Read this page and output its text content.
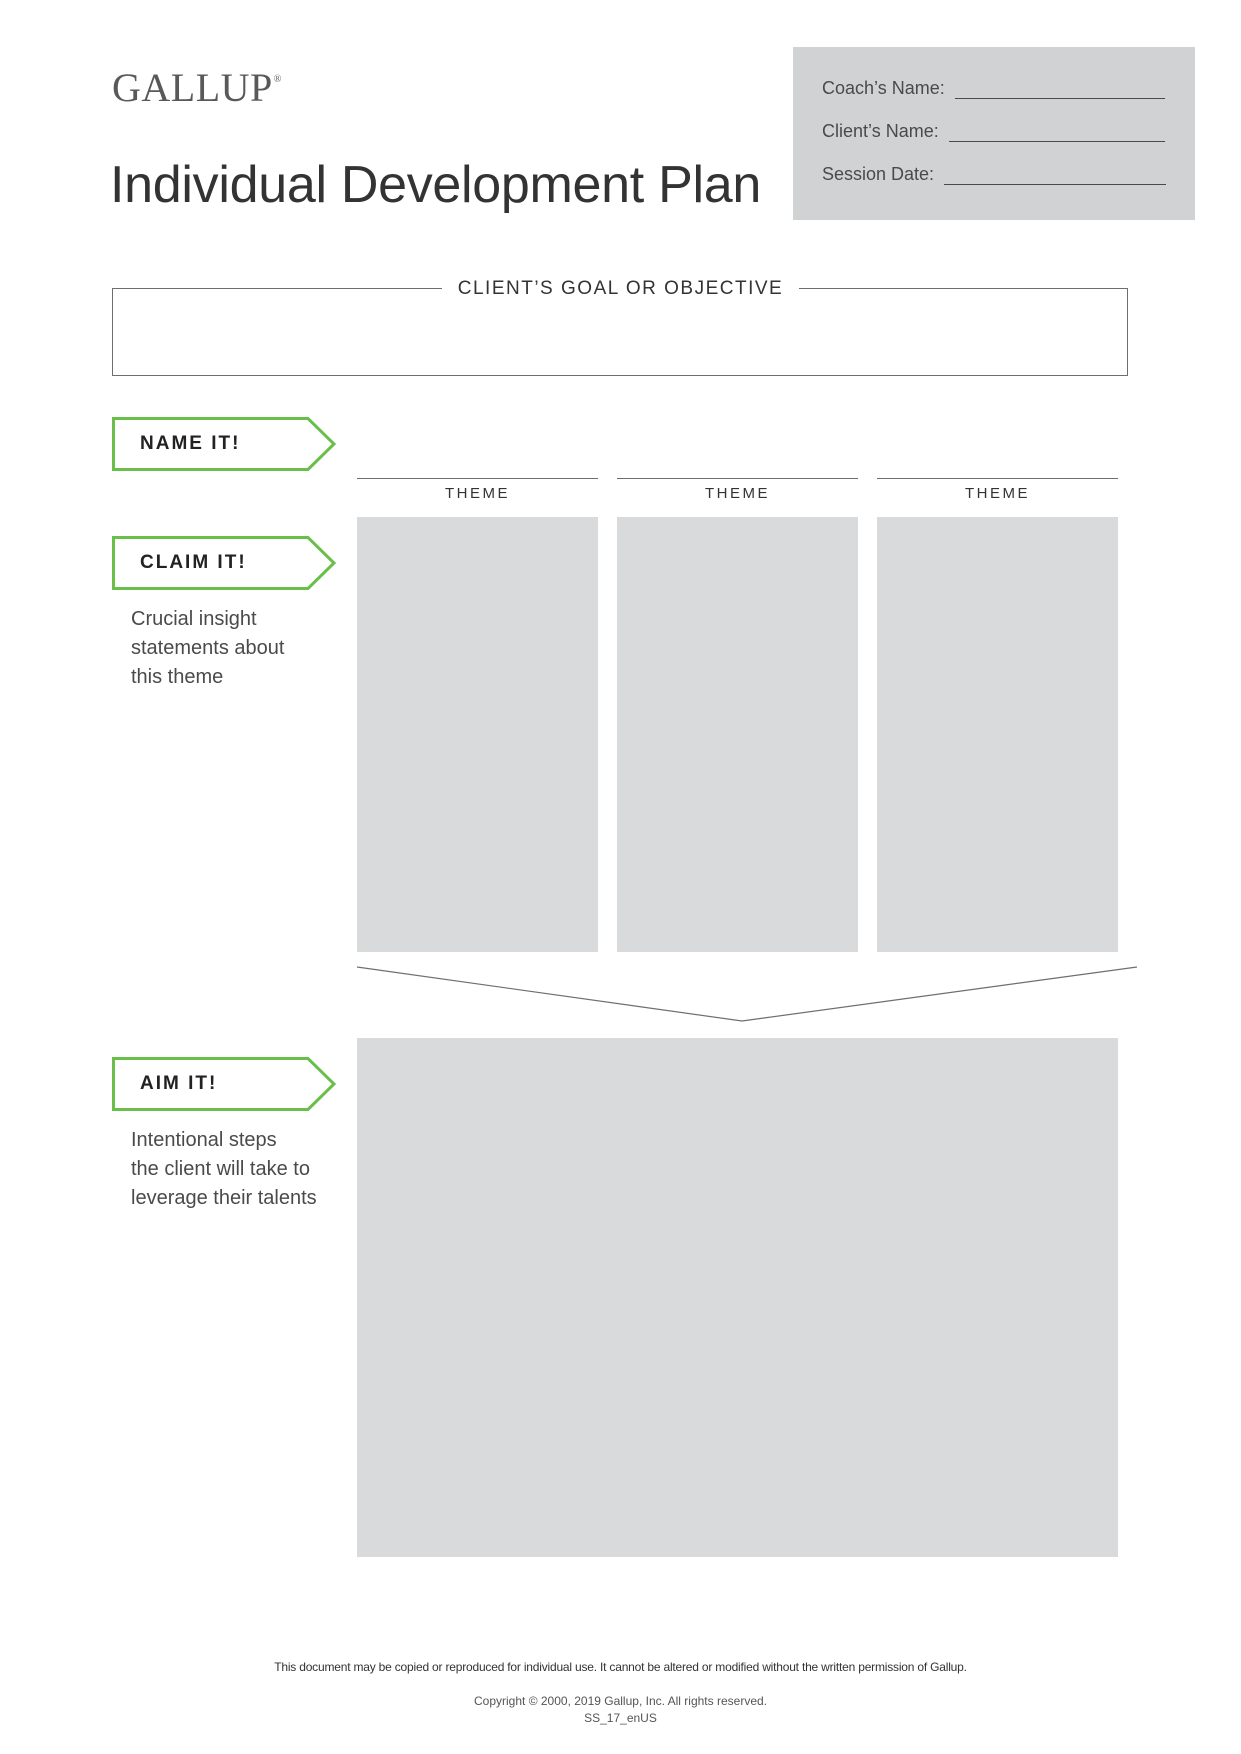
GALLUP®
Individual Development Plan
Coach’s Name:
Client’s Name:
Session Date:
CLIENT’S GOAL OR OBJECTIVE
NAME IT!
THEME	THEME	THEME
CLAIM IT!
Crucial insight
statements about
this theme
AIM IT!
Intentional steps
the client will take to
leverage their talents
This document may be copied or reproduced for individual use. It cannot be altered or modified without the written permission of Gallup.
Copyright © 2000, 2019 Gallup, Inc. All rights reserved.
SS_17_enUS
